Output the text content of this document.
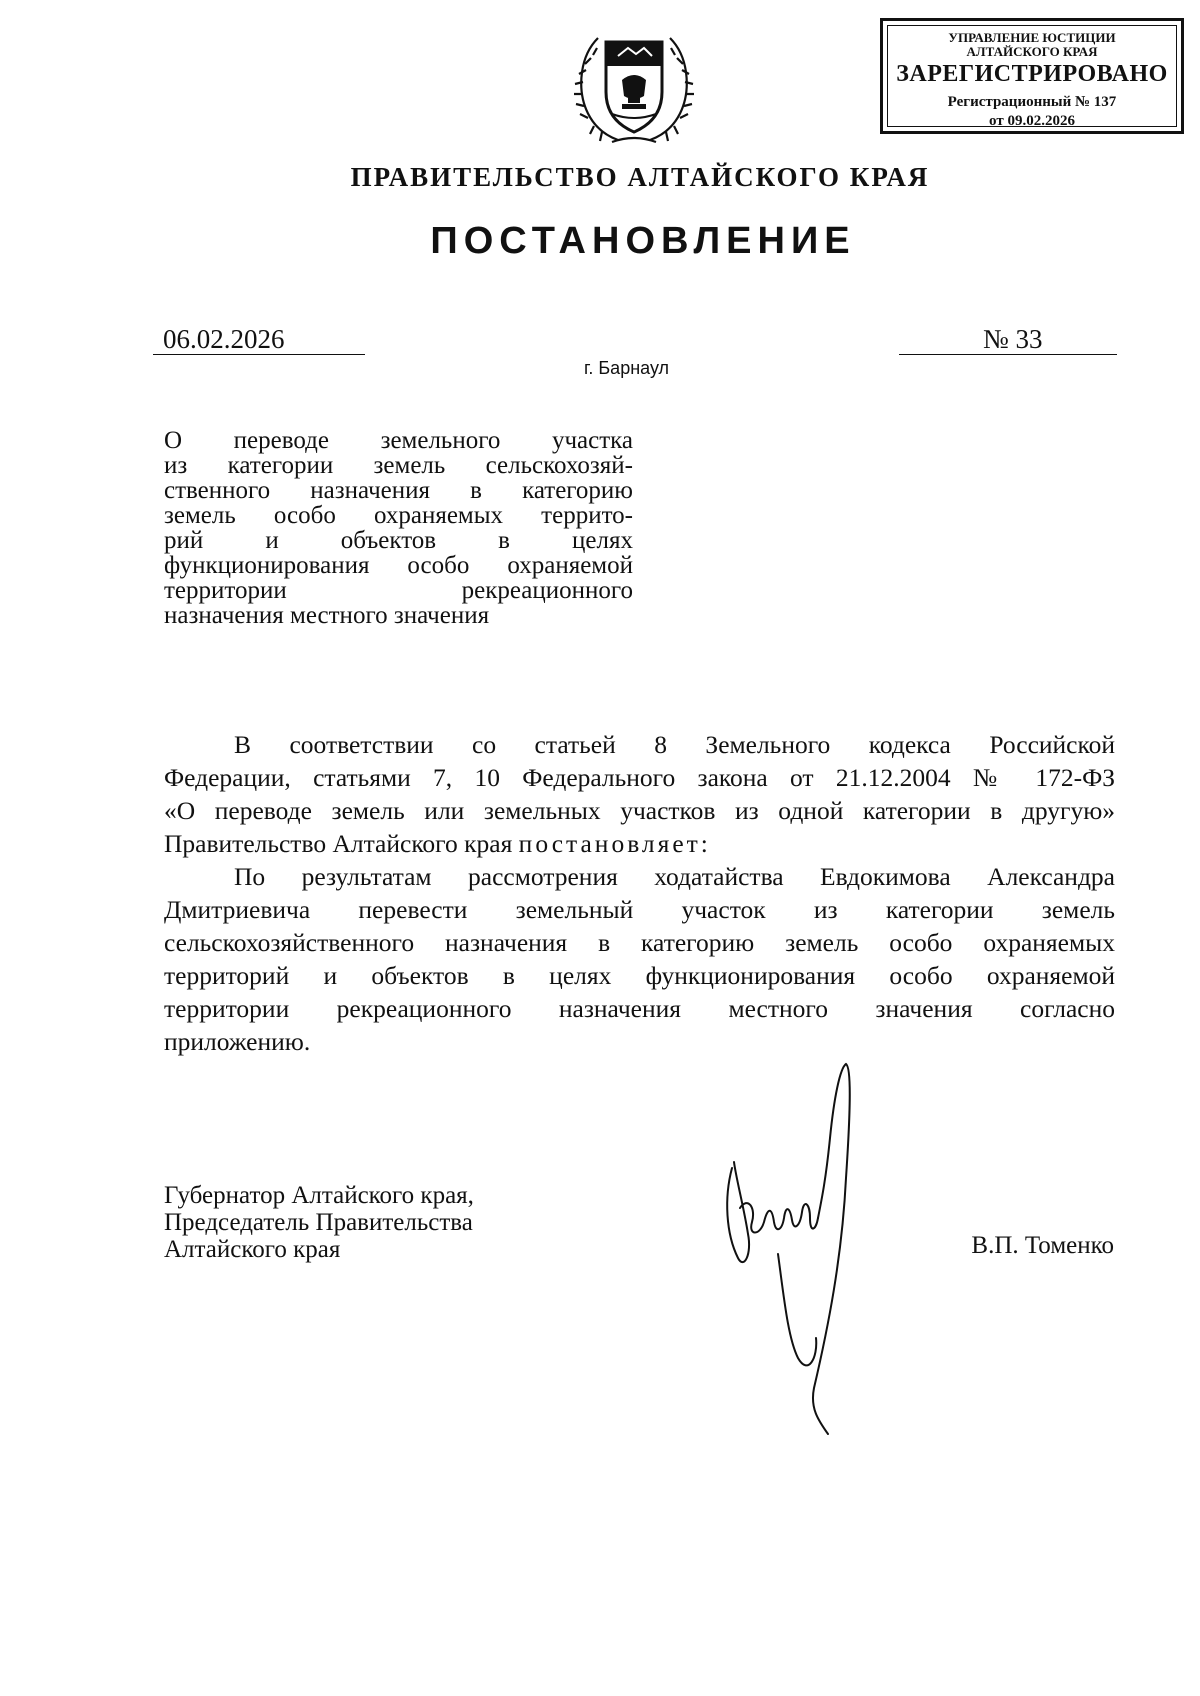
УПРАВЛЕНИЕ ЮСТИЦИИ
АЛТАЙСКОГО КРАЯ
ЗАРЕГИСТРИРОВАНО
Регистрационный № 137
от 09.02.2026
ПРАВИТЕЛЬСТВО АЛТАЙСКОГО КРАЯ
ПОСТАНОВЛЕНИЕ
06.02.2026	№ 33
г. Барнаул
О переводе земельного участка
из категории земель сельскохозяй-
ственного назначения в категорию
земель особо охраняемых террито-
рий и объектов в целях
функционирования особо охраняемой
территории рекреационного
назначения местного значения

В соответствии со статьей 8 Земельного кодекса Российской
Федерации, статьями 7, 10 Федерального закона от 21.12.2004 № 172-ФЗ
«О переводе земель или земельных участков из одной категории в другую»
Правительство Алтайского края постановляет:

По результатам рассмотрения ходатайства Евдокимова Александра
Дмитриевича перевести земельный участок из категории земель
сельскохозяйственного назначения в категорию земель особо охраняемых
территорий и объектов в целях функционирования особо охраняемой
территории рекреационного назначения местного значения согласно
приложению.

Губернатор Алтайского края,
Председатель Правительства
Алтайского края	В.П. Томенко
